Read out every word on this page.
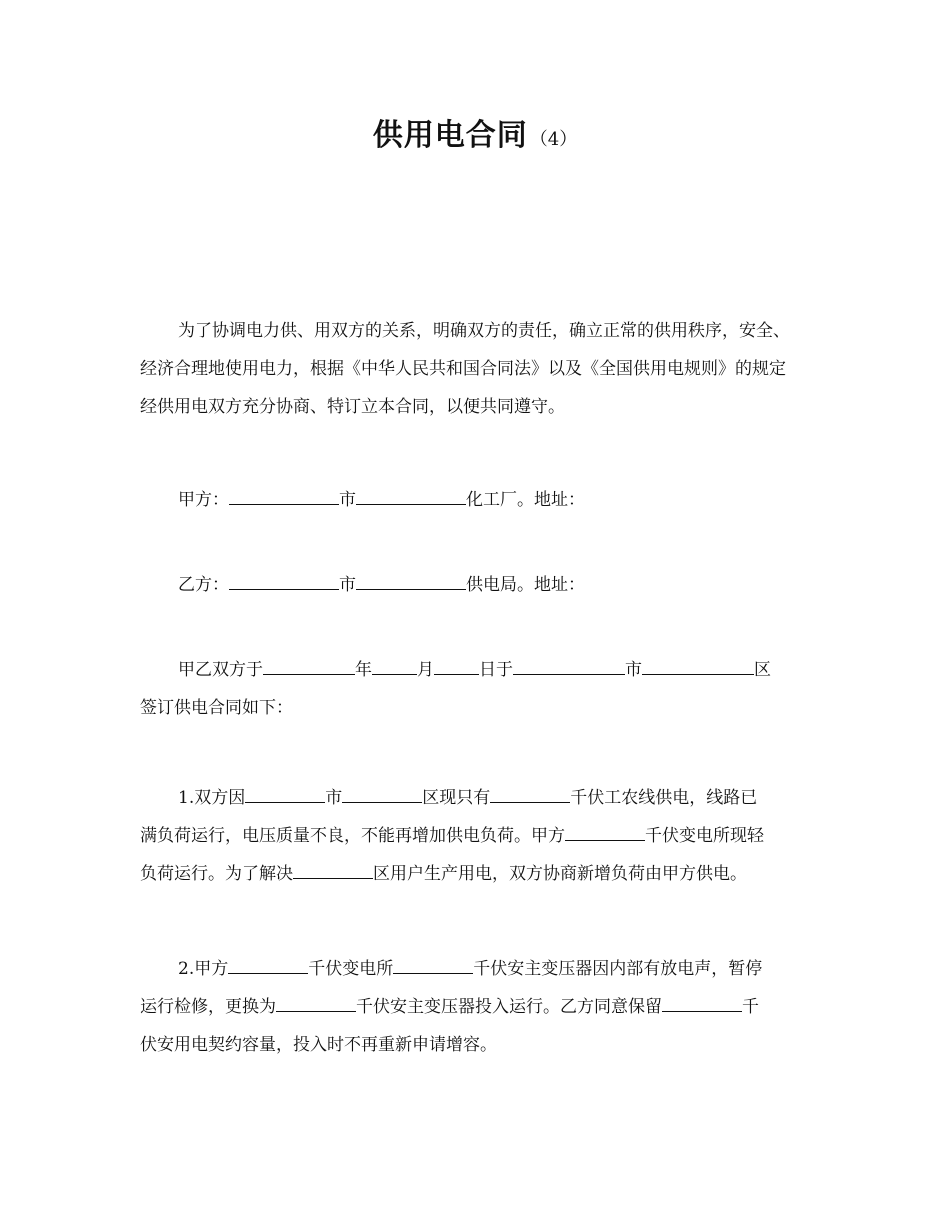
供用电合同 （4）

为了协调电力供、用双方的关系，明确双方的责任，确立正常的供用秩序，安全、
经济合理地使用电力，根据《中华人民共和国合同法》以及《全国供用电规则》的规定
经供用电双方充分协商、特订立本合同，以便共同遵守。

甲方：	市	化工厂。地址：

乙方：	市	供电局。地址：

甲乙双方于	年	月	日于	市	区
签订供电合同如下：

1.双方因	市	区现只有	千伏工农线供电，线路已
满负荷运行，电压质量不良，不能再增加供电负荷。甲方	千伏变电所现轻
负荷运行。为了解决	区用户生产用电，双方协商新增负荷由甲方供电。

2.甲方	千伏变电所	千伏安主变压器因内部有放电声，暂停
运行检修，更换为	千伏安主变压器投入运行。乙方同意保留	千
伏安用电契约容量，投入时不再重新申请增容。
